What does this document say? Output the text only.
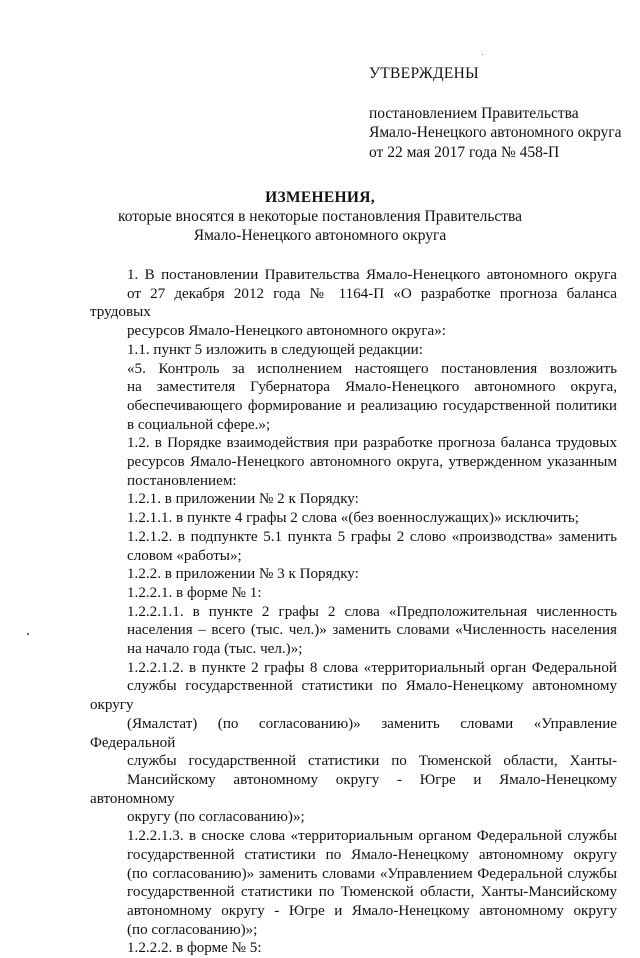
УТВЕРЖДЕНЫ
постановлением Правительства
Ямало-Ненецкого автономного округа
от 22 мая 2017 года № 458-П
ИЗМЕНЕНИЯ,
которые вносятся в некоторые постановления Правительства
Ямало-Ненецкого автономного округа

1. В постановлении Правительства Ямало-Ненецкого автономного округа
от 27 декабря 2012 года № 1164-П «О разработке прогноза баланса трудовых
ресурсов Ямало-Ненецкого автономного округа»:

1.1. пункт 5 изложить в следующей редакции:

«5. Контроль за исполнением настоящего постановления возложить
на заместителя Губернатора Ямало-Ненецкого автономного округа,
обеспечивающего формирование и реализацию государственной политики
в социальной сфере.»;

1.2. в Порядке взаимодействия при разработке прогноза баланса трудовых
ресурсов Ямало-Ненецкого автономного округа, утвержденном указанным
постановлением:

1.2.1. в приложении № 2 к Порядку:

1.2.1.1. в пункте 4 графы 2 слова «(без военнослужащих)» исключить;

1.2.1.2. в подпункте 5.1 пункта 5 графы 2 слово «производства» заменить
словом «работы»;

1.2.2. в приложении № 3 к Порядку:

1.2.2.1. в форме № 1:

1.2.2.1.1. в пункте 2 графы 2 слова «Предположительная численность
населения – всего (тыс. чел.)» заменить словами «Численность населения
на начало года (тыс. чел.)»;

1.2.2.1.2. в пункте 2 графы 8 слова «территориальный орган Федеральной
службы государственной статистики по Ямало-Ненецкому автономному округу
(Ямалстат) (по согласованию)» заменить словами «Управление Федеральной
службы государственной статистики по Тюменской области, Ханты-
Мансийскому автономному округу - Югре и Ямало-Ненецкому автономному
округу (по согласованию)»;

1.2.2.1.3. в сноске слова «территориальным органом Федеральной службы
государственной статистики по Ямало-Ненецкому автономному округу
(по согласованию)» заменить словами «Управлением Федеральной службы
государственной статистики по Тюменской области, Ханты-Мансийскому
автономному округу - Югре и Ямало-Ненецкому автономному округу
(по согласованию)»;

1.2.2.2. в форме № 5:
